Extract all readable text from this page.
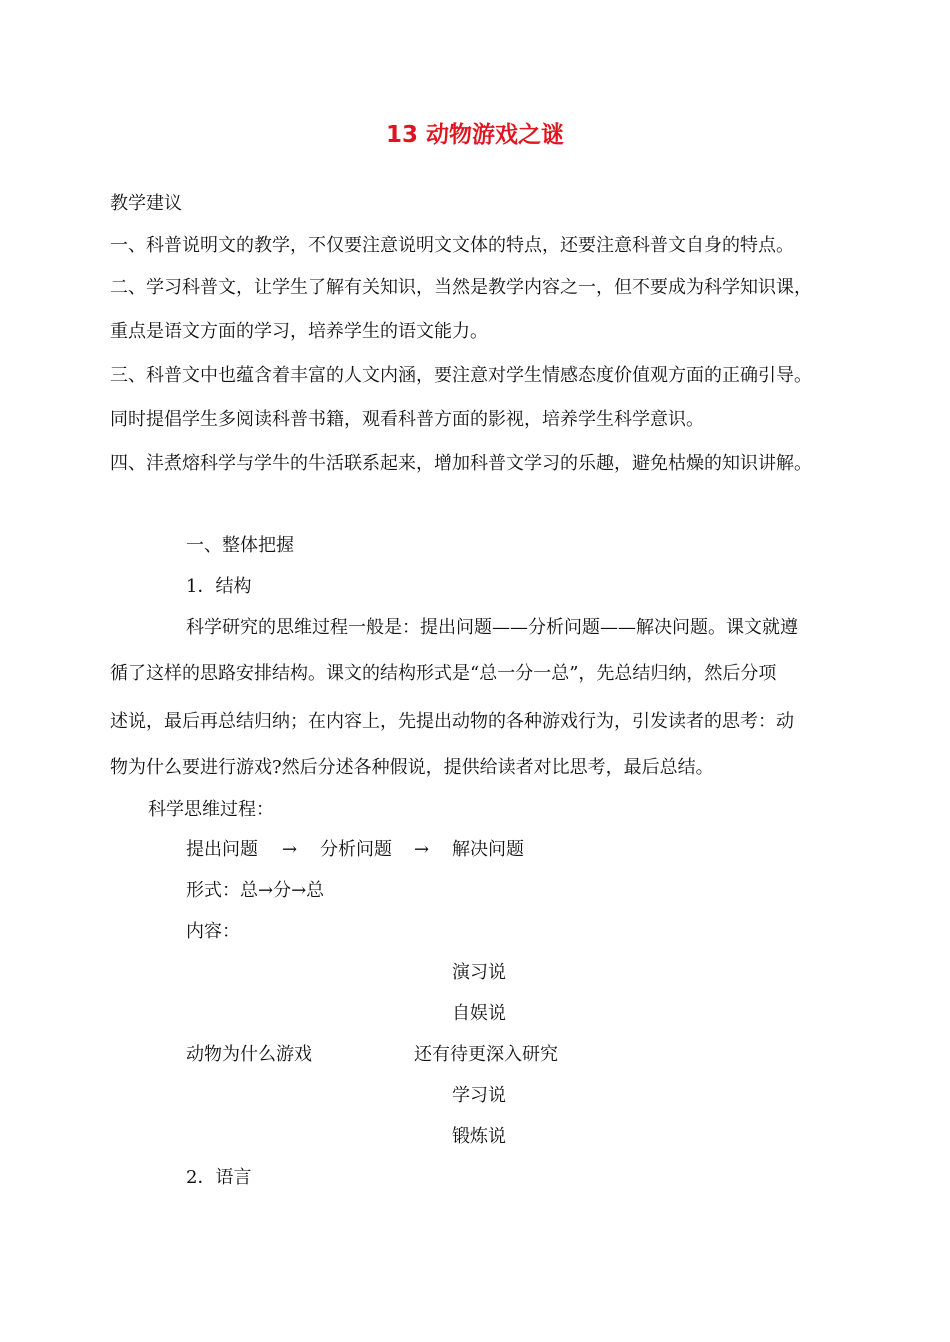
13 动物游戏之谜
教学建议
一、科普说明文的教学，不仅要注意说明文文体的特点，还要注意科普文自身的特点。
二、学习科普文，让学生了解有关知识，当然是教学内容之一，但不要成为科学知识课，
重点是语文方面的学习，培养学生的语文能力。
三、科普文中也蕴含着丰富的人文内涵，要注意对学生情感态度价值观方面的正确引导。
同时提倡学生多阅读科普书籍，观看科普方面的影视，培养学生科学意识。
四、沣煮熔科学与学牛的牛活联系起来，增加科普文学习的乐趣，避免枯燥的知识讲解。
一、整体把握
1．结构
科学研究的思维过程一般是：提出问题——分析问题——解决问题。课文就遵
循了这样的思路安排结构。课文的结构形式是“总一分一总”，先总结归纳，然后分项
述说，最后再总结归纳；在内容上，先提出动物的各种游戏行为，引发读者的思考：动
物为什么要进行游戏?然后分述各种假说，提供给读者对比思考，最后总结。
科学思维过程：
提出问题 → 分析问题 → 解决问题
形式：总→分→总
内容：
演习说
自娱说
动物为什么游戏	还有待更深入研究
学习说
锻炼说
2．语言
